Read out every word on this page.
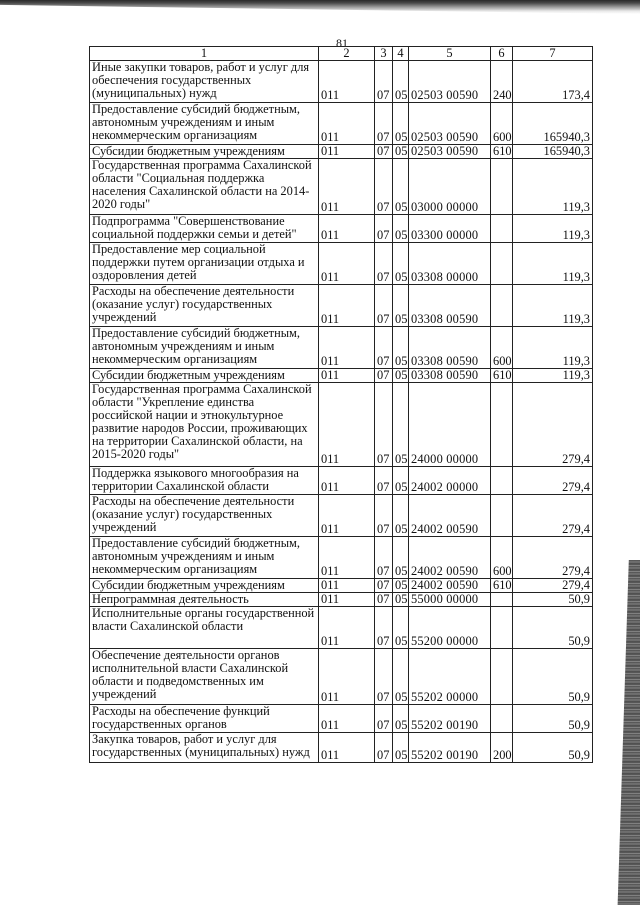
81
1	2	3	4	5	6	7
Иные закупки товаров, работ и услуг для обеспечения государственных (муниципальных) нужд	011	07	05	02503 00590	240	173,4
Предоставление субсидий бюджетным, автономным учреждениям и иным некоммерческим организациям	011	07	05	02503 00590	600	165940,3
Субсидии бюджетным учреждениям	011	07	05	02503 00590	610	165940,3
Государственная программа Сахалинской области "Социальная поддержка населения Сахалинской области на 2014-2020 годы"	011	07	05	03000 00000		119,3
Подпрограмма "Совершенствование социальной поддержки семьи и детей"	011	07	05	03300 00000		119,3
Предоставление мер социальной поддержки путем организации отдыха и оздоровления детей	011	07	05	03308 00000		119,3
Расходы на обеспечение деятельности (оказание услуг) государственных учреждений	011	07	05	03308 00590		119,3
Предоставление субсидий бюджетным, автономным учреждениям и иным некоммерческим организациям	011	07	05	03308 00590	600	119,3
Субсидии бюджетным учреждениям	011	07	05	03308 00590	610	119,3
Государственная программа Сахалинской области "Укрепление единства российской нации и этнокультурное развитие народов России, проживающих на территории Сахалинской области, на 2015-2020 годы"	011	07	05	24000 00000		279,4
Поддержка языкового многообразия на территории Сахалинской области	011	07	05	24002 00000		279,4
Расходы на обеспечение деятельности (оказание услуг) государственных учреждений	011	07	05	24002 00590		279,4
Предоставление субсидий бюджетным, автономным учреждениям и иным некоммерческим организациям	011	07	05	24002 00590	600	279,4
Субсидии бюджетным учреждениям	011	07	05	24002 00590	610	279,4
Непрограммная деятельность	011	07	05	55000 00000		50,9
Исполнительные органы государственной власти Сахалинской области	011	07	05	55200 00000		50,9
Обеспечение деятельности органов исполнительной власти Сахалинской области и подведомственных им учреждений	011	07	05	55202 00000		50,9
Расходы на обеспечение функций государственных органов	011	07	05	55202 00190		50,9
Закупка товаров, работ и услуг для государственных (муниципальных) нужд	011	07	05	55202 00190	200	50,9
